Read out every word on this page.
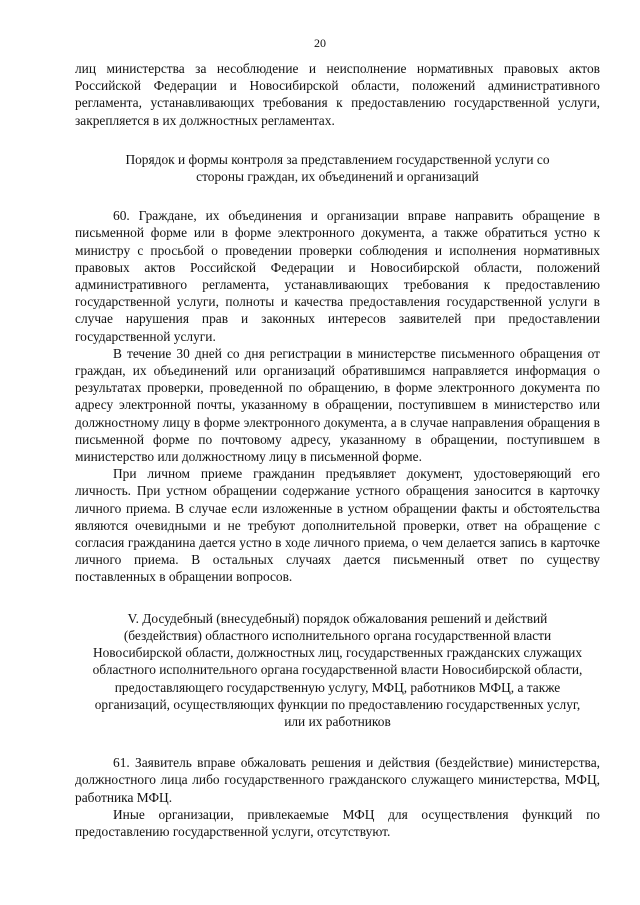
20

лиц министерства за несоблюдение и неисполнение нормативных правовых актов Российской Федерации и Новосибирской области, положений административного регламента, устанавливающих требования к предоставлению государственной услуги, закрепляется в их должностных регламентах.

Порядок и формы контроля за представлением государственной услуги со стороны граждан, их объединений и организаций

60. Граждане, их объединения и организации вправе направить обращение в письменной форме или в форме электронного документа, а также обратиться устно к министру с просьбой о проведении проверки соблюдения и исполнения нормативных правовых актов Российской Федерации и Новосибирской области, положений административного регламента, устанавливающих требования к предоставлению государственной услуги, полноты и качества предоставления государственной услуги в случае нарушения прав и законных интересов заявителей при предоставлении государственной услуги.

В течение 30 дней со дня регистрации в министерстве письменного обращения от граждан, их объединений или организаций обратившимся направляется информация о результатах проверки, проведенной по обращению, в форме электронного документа по адресу электронной почты, указанному в обращении, поступившем в министерство или должностному лицу в форме электронного документа, а в случае направления обращения в письменной форме по почтовому адресу, указанному в обращении, поступившем в министерство или должностному лицу в письменной форме.

При личном приеме гражданин предъявляет документ, удостоверяющий его личность. При устном обращении содержание устного обращения заносится в карточку личного приема. В случае если изложенные в устном обращении факты и обстоятельства являются очевидными и не требуют дополнительной проверки, ответ на обращение с согласия гражданина дается устно в ходе личного приема, о чем делается запись в карточке личного приема. В остальных случаях дается письменный ответ по существу поставленных в обращении вопросов.

V. Досудебный (внесудебный) порядок обжалования решений и действий (бездействия) областного исполнительного органа государственной власти Новосибирской области, должностных лиц, государственных гражданских служащих областного исполнительного органа государственной власти Новосибирской области, предоставляющего государственную услугу, МФЦ, работников МФЦ, а также организаций, осуществляющих функции по предоставлению государственных услуг, или их работников

61. Заявитель вправе обжаловать решения и действия (бездействие) министерства, должностного лица либо государственного гражданского служащего министерства, МФЦ, работника МФЦ.

Иные организации, привлекаемые МФЦ для осуществления функций по предоставлению государственной услуги, отсутствуют.
